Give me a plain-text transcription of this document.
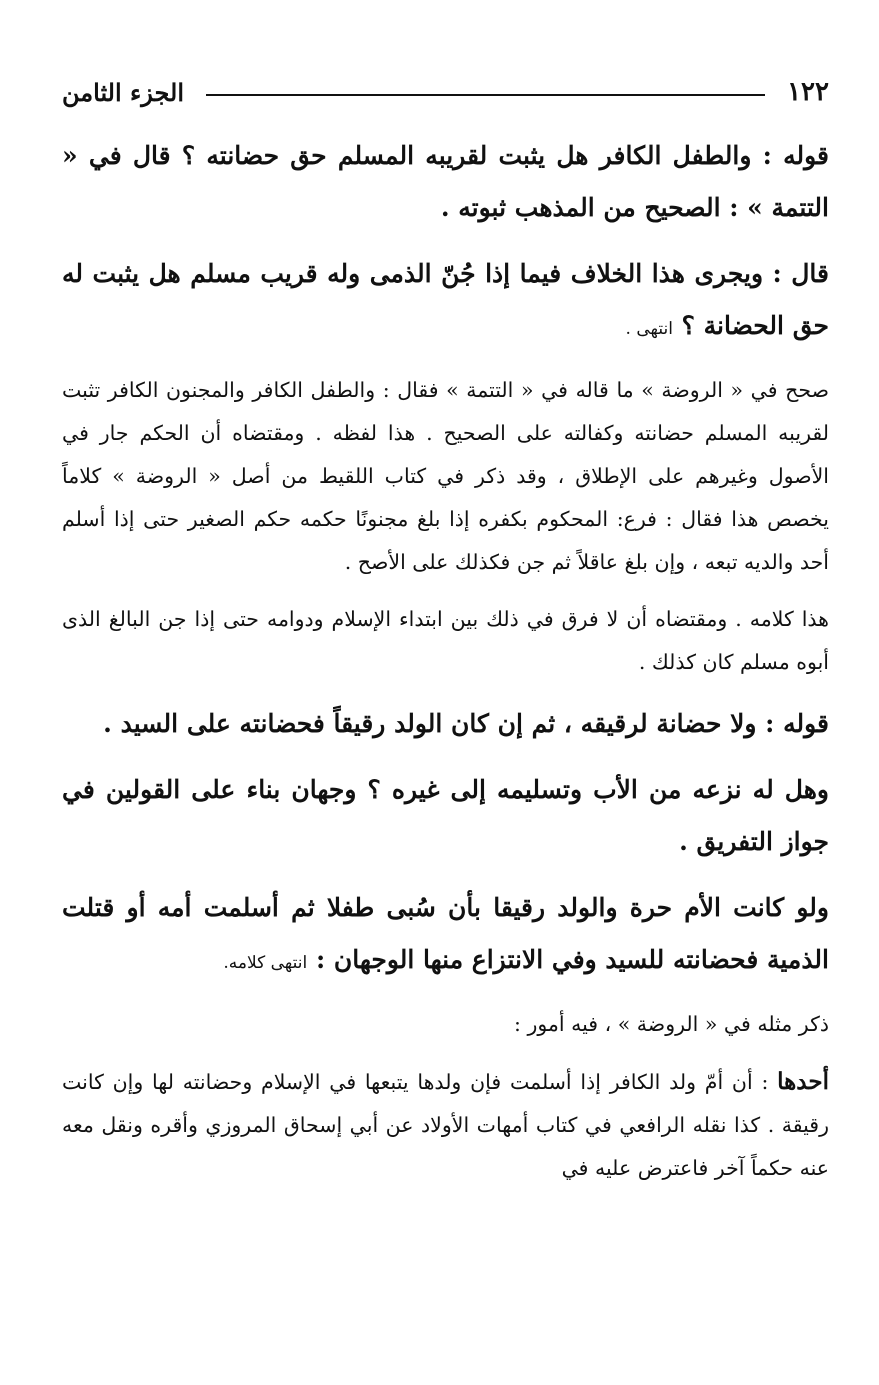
١٢٢
الجزء الثامن

قوله : والطفل الكافر هل يثبت لقريبه المسلم حق حضانته ؟ قال في « التتمة » : الصحيح من المذهب ثبوته .

قال : ويجرى هذا الخلاف فيما إذا جُنّ الذمى وله قريب مسلم هل يثبت له حق الحضانة ؟ انتهى .

صحح في « الروضة » ما قاله في « التتمة » فقال : والطفل الكافر والمجنون الكافر تثبت لقريبه المسلم حضانته وكفالته على الصحيح . هذا لفظه . ومقتضاه أن الحكم جار في الأصول وغيرهم على الإطلاق ، وقد ذكر في كتاب اللقيط من أصل « الروضة » كلاماً يخصص هذا فقال : فرع: المحكوم بكفره إذا بلغ مجنونًا حكمه حكم الصغير حتى إذا أسلم أحد والديه تبعه ، وإن بلغ عاقلاً ثم جن فكذلك على الأصح .

هذا كلامه . ومقتضاه أن لا فرق في ذلك بين ابتداء الإسلام ودوامه حتى إذا جن البالغ الذى أبوه مسلم كان كذلك .

قوله : ولا حضانة لرقيقه ، ثم إن كان الولد رقيقاً فحضانته على السيد .

وهل له نزعه من الأب وتسليمه إلى غيره ؟ وجهان بناء على القولين في جواز التفريق .

ولو كانت الأم حرة والولد رقيقا بأن سُبى طفلا ثم أسلمت أمه أو قتلت الذمية فحضانته للسيد وفي الانتزاع منها الوجهان : انتهى كلامه.

ذكر مثله في « الروضة » ، فيه أمور :

أحدها : أن أمّ ولد الكافر إذا أسلمت فإن ولدها يتبعها في الإسلام وحضانته لها وإن كانت رقيقة . كذا نقله الرافعي في كتاب أمهات الأولاد عن أبي إسحاق المروزي وأقره ونقل معه عنه حكماً آخر فاعترض عليه في
